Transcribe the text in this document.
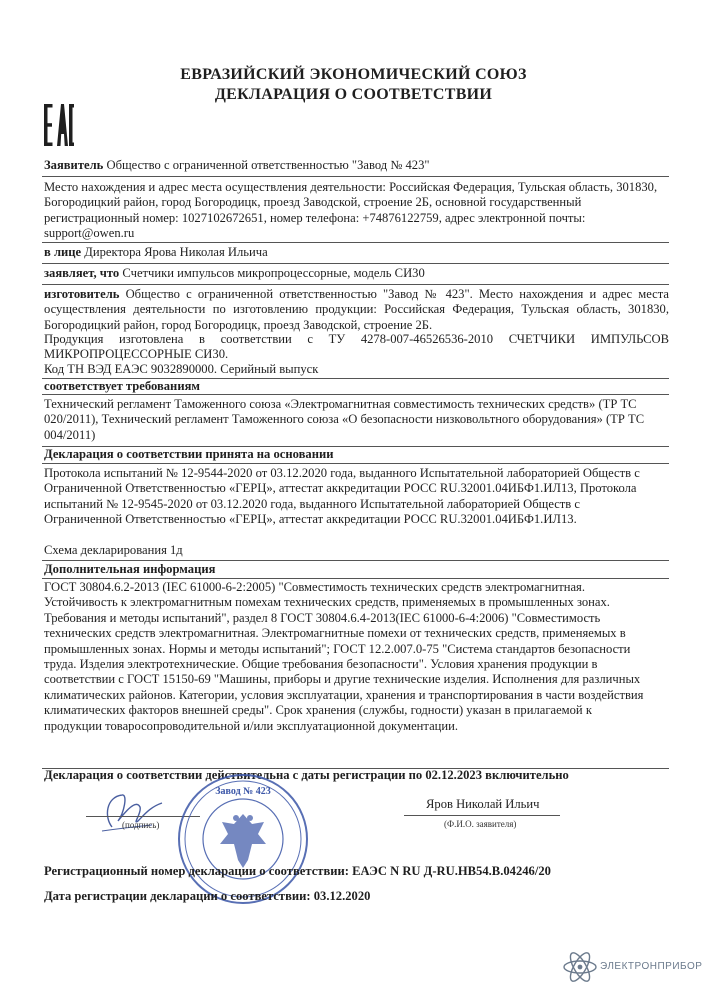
ЕВРАЗИЙСКИЙ ЭКОНОМИЧЕСКИЙ СОЮЗ
ДЕКЛАРАЦИЯ О СООТВЕТСТВИИ
Заявитель Общество с ограниченной ответственностью "Завод № 423"
Место нахождения и адрес места осуществления деятельности: Российская Федерация, Тульская область, 301830, Богородицкий район, город Богородицк, проезд Заводской, строение 2Б, основной государственный регистрационный номер: 1027102672651, номер телефона: +74876122759, адрес электронной почты: support@owen.ru
в лице Директора Ярова Николая Ильича
заявляет, что Счетчики импульсов микропроцессорные, модель СИ30
изготовитель Общество с ограниченной ответственностью "Завод № 423". Место нахождения и адрес места осуществления деятельности по изготовлению продукции: Российская Федерация, Тульская область, 301830, Богородицкий район, город Богородицк, проезд Заводской, строение 2Б.
Продукция изготовлена в соответствии с ТУ 4278-007-46526536-2010 СЧЕТЧИКИ ИМПУЛЬСОВ МИКРОПРОЦЕССОРНЫЕ СИ30.
Код ТН ВЭД ЕАЭС 9032890000. Серийный выпуск
соответствует требованиям
Технический регламент Таможенного союза «Электромагнитная совместимость технических средств» (ТР ТС 020/2011), Технический регламент Таможенного союза «О безопасности низковольтного оборудования» (ТР ТС 004/2011)
Декларация о соответствии принята на основании
Протокола испытаний № 12-9544-2020 от 03.12.2020 года, выданного Испытательной лабораторией Обществ с Ограниченной Ответственностью «ГЕРЦ», аттестат аккредитации РОСС RU.32001.04ИБФ1.ИЛ13, Протокола испытаний № 12-9545-2020 от 03.12.2020 года, выданного Испытательной лабораторией Обществ с Ограниченной Ответственностью «ГЕРЦ», аттестат аккредитации РОСС RU.32001.04ИБФ1.ИЛ13.
Схема декларирования 1д
Дополнительная информация
ГОСТ 30804.6.2-2013 (IEC 61000-6-2:2005) "Совместимость технических средств электромагнитная. Устойчивость к электромагнитным помехам технических средств, применяемых в промышленных зонах. Требования и методы испытаний", раздел 8 ГОСТ 30804.6.4-2013(IEC 61000-6-4:2006) "Совместимость технических средств электромагнитная. Электромагнитные помехи от технических средств, применяемых в промышленных зонах. Нормы и методы испытаний"; ГОСТ 12.2.007.0-75 "Система стандартов безопасности труда. Изделия электротехнические. Общие требования безопасности". Условия хранения продукции в соответствии с ГОСТ 15150-69 "Машины, приборы и другие технические изделия. Исполнения для различных климатических районов. Категории, условия эксплуатации, хранения и транспортирования в части воздействия климатических факторов внешней среды". Срок хранения (службы, годности) указан в прилагаемой к продукции товаросопроводительной и/или эксплуатационной документации.
Декларация о соответствии действительна с даты регистрации по 02.12.2023 включительно
(подпись)
Завод № 423
Яров Николай Ильич
(Ф.И.О. заявителя)
Регистрационный номер декларации о соответствии: ЕАЭС N RU Д-RU.НВ54.В.04246/20
Дата регистрации декларации о соответствии: 03.12.2020
ЭЛЕКТРОНПРИБОР
